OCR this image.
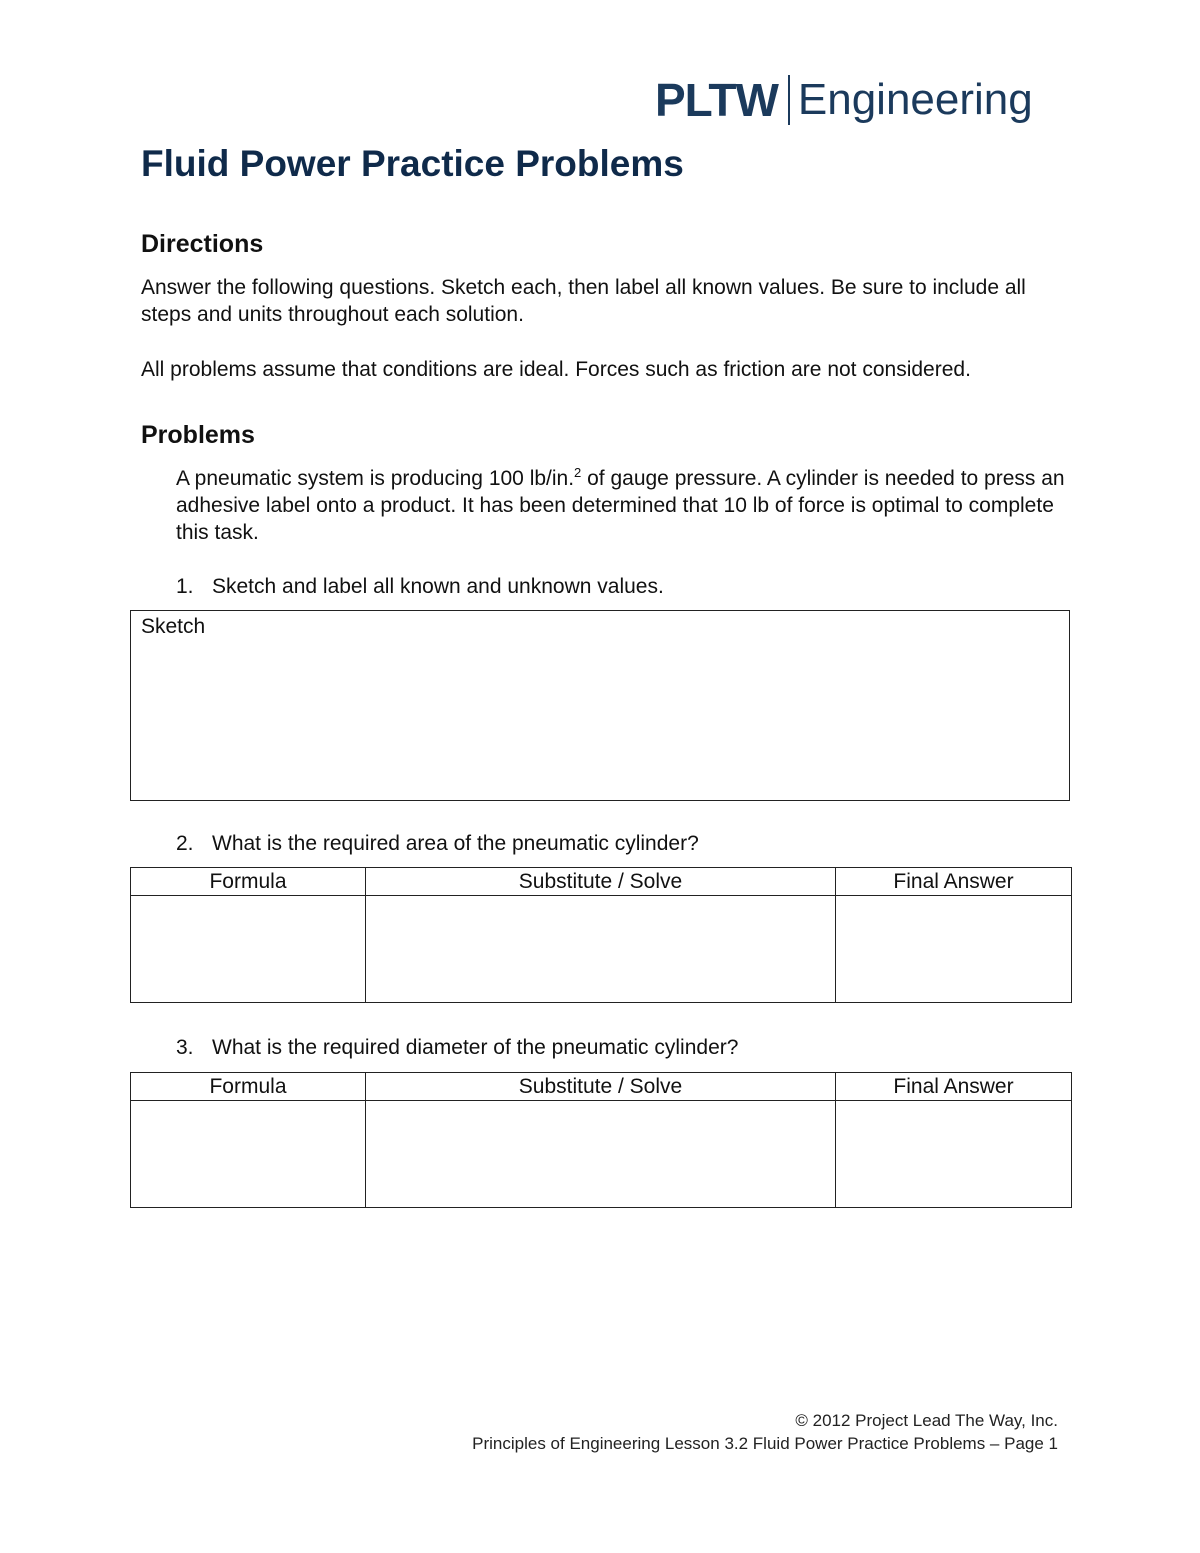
PLTW Engineering
Fluid Power Practice Problems
Directions

Answer the following questions. Sketch each, then label all known values. Be sure to include all steps and units throughout each solution.

All problems assume that conditions are ideal. Forces such as friction are not considered.

Problems

A pneumatic system is producing 100 lb/in.$^2$ of gauge pressure. A cylinder is needed to press an adhesive label onto a product. It has been determined that 10 lb of force is optimal to complete this task.

1. Sketch and label all known and unknown values.
Sketch
2. What is the required area of the pneumatic cylinder?
Formula	Substitute / Solve	Final Answer

3. What is the required diameter of the pneumatic cylinder?
Formula	Substitute / Solve	Final Answer

© 2012 Project Lead The Way, Inc.

Principles of Engineering Lesson 3.2 Fluid Power Practice Problems – Page 1
